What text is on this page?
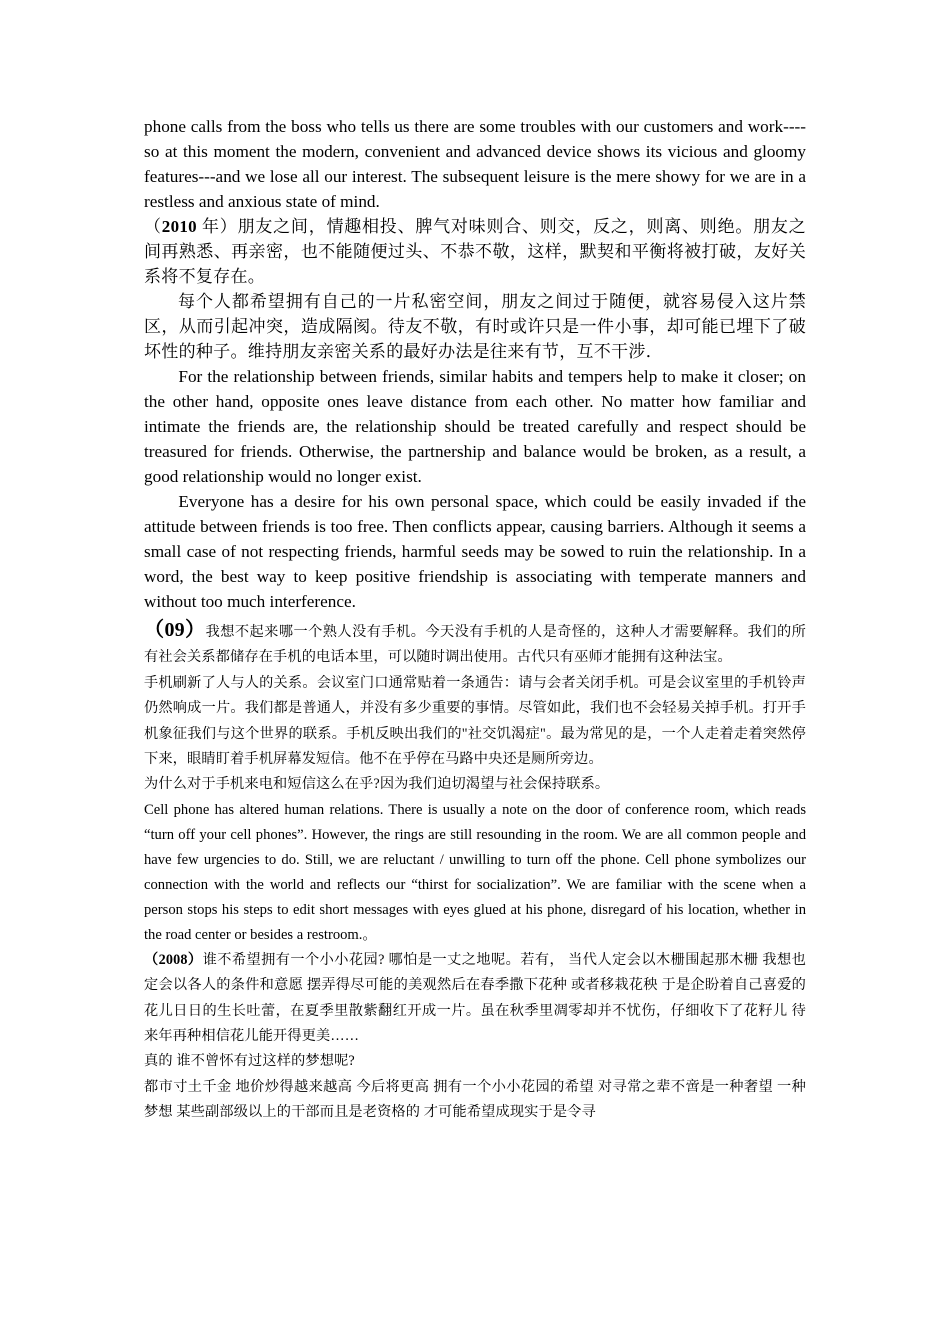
phone calls from the boss who tells us there are some troubles with our customers and work----so at this moment the modern, convenient and advanced device shows its vicious and gloomy features---and we lose all our interest. The subsequent leisure is the mere showy for we are in a restless and anxious state of mind.

（2010 年）朋友之间，情趣相投、脾气对味则合、则交，反之，则离、则绝。朋友之间再熟悉、再亲密，也不能随便过头、不恭不敬，这样，默契和平衡将被打破，友好关系将不复存在。

每个人都希望拥有自己的一片私密空间，朋友之间过于随便，就容易侵入这片禁区，从而引起冲突，造成隔阂。待友不敬，有时或许只是一件小事，却可能已埋下了破坏性的种子。维持朋友亲密关系的最好办法是往来有节，互不干涉．

For the relationship between friends, similar habits and tempers help to make it closer; on the other hand, opposite ones leave distance from each other. No matter how familiar and intimate the friends are, the relationship should be treated carefully and respect should be treasured for friends. Otherwise, the partnership and balance would be broken, as a result, a good relationship would no longer exist.

Everyone has a desire for his own personal space, which could be easily invaded if the attitude between friends is too free. Then conflicts appear, causing barriers. Although it seems a small case of not respecting friends, harmful seeds may be sowed to ruin the relationship. In a word, the best way to keep positive friendship is associating with temperate manners and without too much interference.

（09）我想不起来哪一个熟人没有手机。今天没有手机的人是奇怪的，这种人才需要解释。我们的所有社会关系都储存在手机的电话本里，可以随时调出使用。古代只有巫师才能拥有这种法宝。

手机刷新了人与人的关系。会议室门口通常贴着一条通告：请与会者关闭手机。可是会议室里的手机铃声仍然响成一片。我们都是普通人，并没有多少重要的事情。尽管如此，我们也不会轻易关掉手机。打开手机象征我们与这个世界的联系。手机反映出我们的"社交饥渴症"。最为常见的是，一个人走着走着突然停下来，眼睛盯着手机屏幕发短信。他不在乎停在马路中央还是厕所旁边。

为什么对于手机来电和短信这么在乎?因为我们迫切渴望与社会保持联系。

Cell phone has altered human relations. There is usually a note on the door of conference room, which reads “turn off your cell phones”. However, the rings are still resounding in the room. We are all common people and have few urgencies to do. Still, we are reluctant / unwilling to turn off the phone. Cell phone symbolizes our connection with the world and reflects our “thirst for socialization”. We are familiar with the scene when a person stops his steps to edit short messages with eyes glued at his phone, disregard of his location, whether in the road center or besides a restroom.。

（2008）谁不希望拥有一个小小花园? 哪怕是一丈之地呢。若有， 当代人定会以木栅围起那木栅 我想也定会以各人的条件和意愿 摆弄得尽可能的美观然后在春季撒下花种 或者移栽花秧 于是企盼着自己喜爱的花儿日日的生长吐蕾，在夏季里散紫翻红开成一片。虽在秋季里凋零却并不忧伤，仔细收下了花籽儿 待来年再种相信花儿能开得更美……

真的 谁不曾怀有过这样的梦想呢?

都市寸土千金 地价炒得越来越高 今后将更高 拥有一个小小花园的希望 对寻常之辈不啻是一种奢望 一种梦想 某些副部级以上的干部而且是老资格的 才可能希望成现实于是令寻
